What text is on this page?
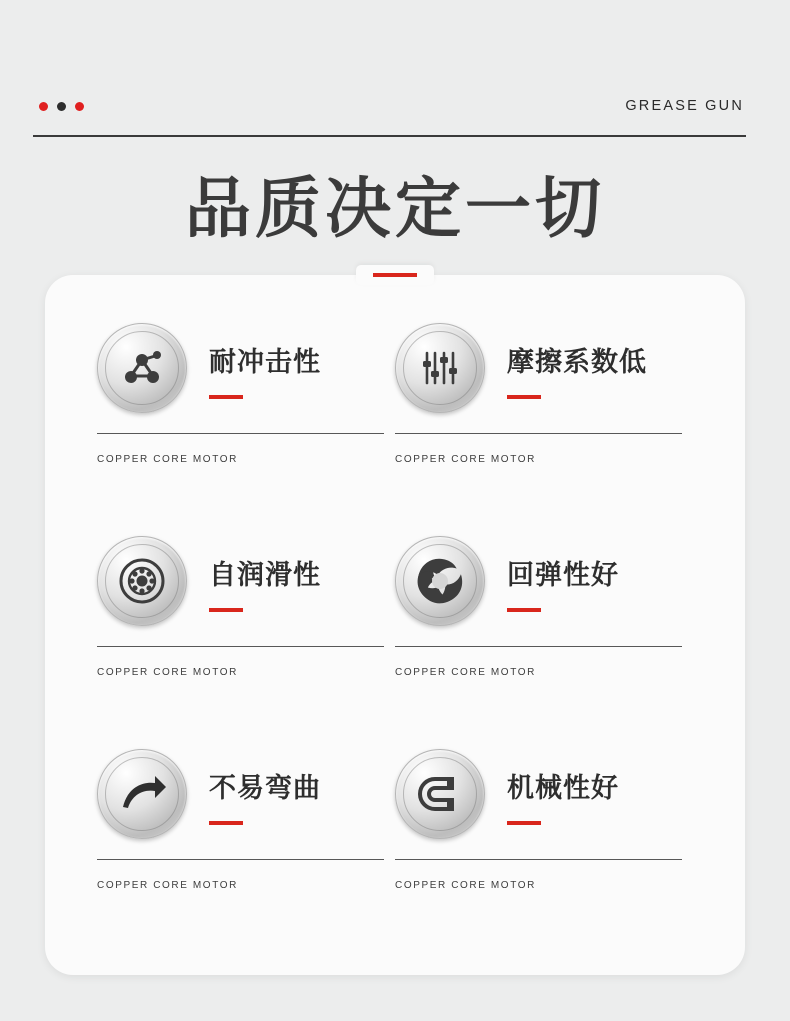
GREASE GUN
品质决定一切
耐冲击性
COPPER CORE MOTOR
摩擦系数低
COPPER CORE MOTOR
自润滑性
COPPER CORE MOTOR
回弹性好
COPPER CORE MOTOR
不易弯曲
COPPER CORE MOTOR
机械性好
COPPER CORE MOTOR
